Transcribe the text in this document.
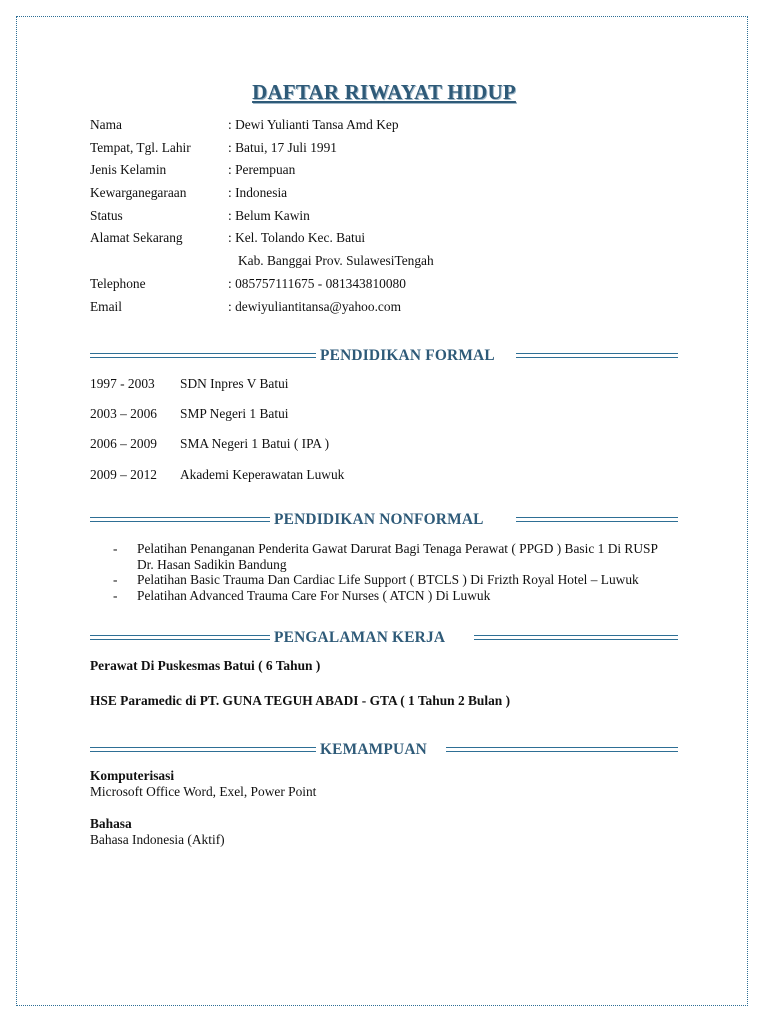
DAFTAR RIWAYAT HIDUP
Nama	: Dewi Yulianti Tansa Amd Kep
Tempat, Tgl. Lahir	: Batui, 17 Juli 1991
Jenis Kelamin	: Perempuan
Kewarganegaraan	: Indonesia
Status	: Belum Kawin
Alamat Sekarang	: Kel. Tolando Kec. Batui
Kab. Banggai Prov. SulawesiTengah
Telephone	: 085757111675 - 081343810080
Email	: dewiyuliantitansa@yahoo.com
PENDIDIKAN FORMAL
1997 - 2003 SDN Inpres V Batui
2003 – 2006 SMP Negeri 1 Batui
2006 – 2009 SMA Negeri 1 Batui ( IPA )
2009 – 2012 Akademi Keperawatan Luwuk
PENDIDIKAN NONFORMAL

- Pelatihan Penanganan Penderita Gawat Darurat Bagi Tenaga Perawat ( PPGD ) Basic 1 Di RUSP Dr. Hasan Sadikin Bandung

- Pelatihan Basic Trauma Dan Cardiac Life Support ( BTCLS ) Di Frizth Royal Hotel – Luwuk

- Pelatihan Advanced Trauma Care For Nurses ( ATCN ) Di Luwuk

PENGALAMAN KERJA
Perawat Di Puskesmas Batui ( 6 Tahun )
HSE Paramedic di PT. GUNA TEGUH ABADI - GTA ( 1 Tahun 2 Bulan )
KEMAMPUAN
Komputerisasi
Microsoft Office Word, Exel, Power Point
Bahasa
Bahasa Indonesia (Aktif)
